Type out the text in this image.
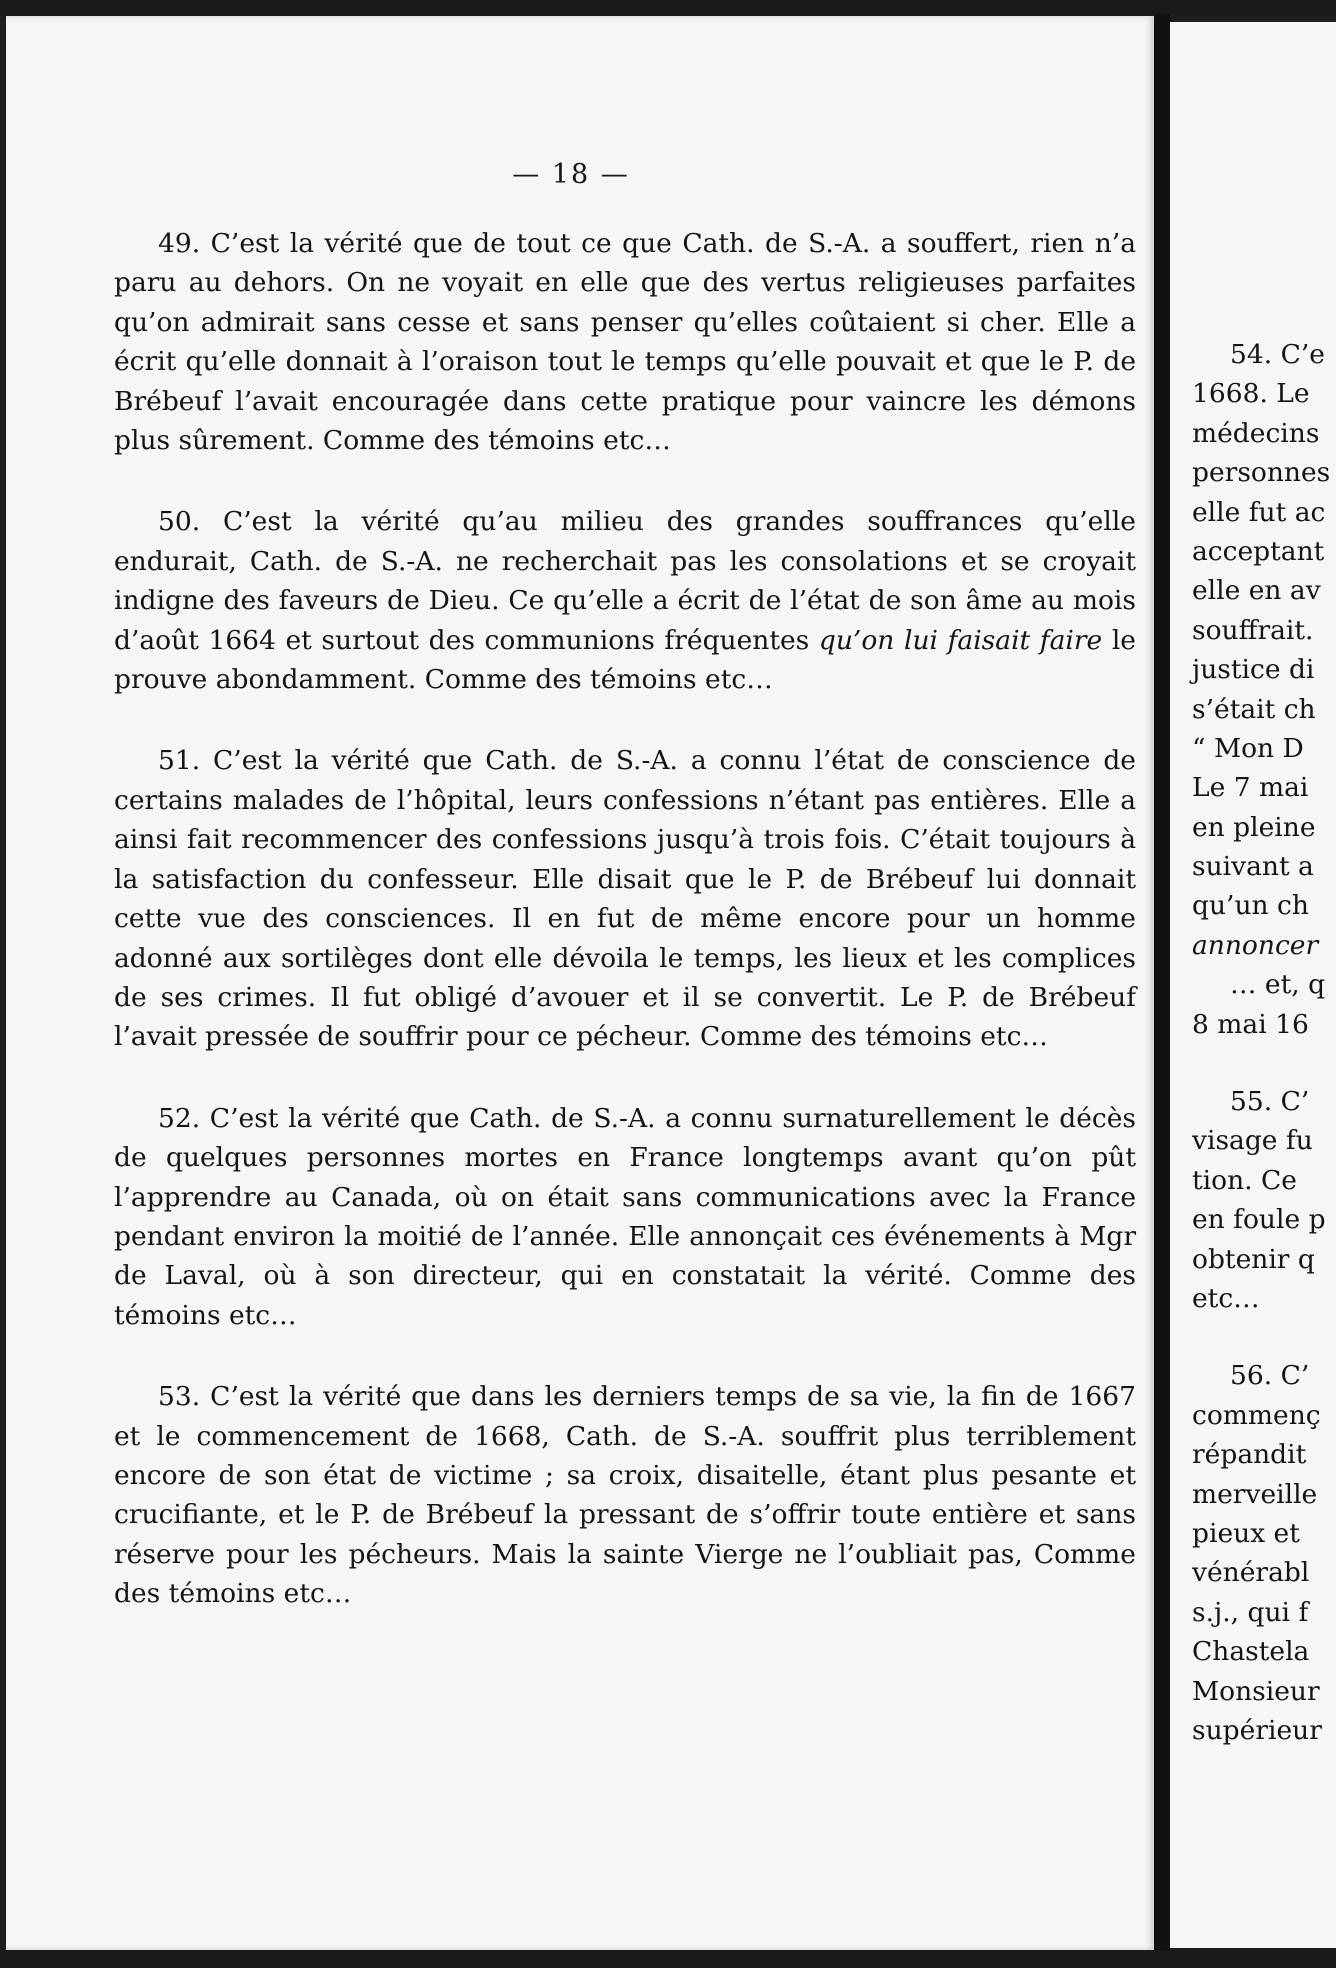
— 18 —

49. C’est la vérité que de tout ce que Cath. de S.-A. a souffert, rien n’a paru au dehors. On ne voyait en elle que des vertus religieuses parfaites qu’on admirait sans cesse et sans penser qu’elles coûtaient si cher. Elle a écrit qu’elle donnait à l’oraison tout le temps qu’elle pouvait et que le P. de Brébeuf l’avait encouragée dans cette pratique pour vaincre les démons plus sûrement. Comme des témoins etc…

50. C’est la vérité qu’au milieu des grandes souffrances qu’elle endurait, Cath. de S.-A. ne recherchait pas les consolations et se croyait indigne des faveurs de Dieu. Ce qu’elle a écrit de l’état de son âme au mois d’août 1664 et surtout des communions fréquentes qu’on lui faisait faire le prouve abondamment. Comme des témoins etc…

51. C’est la vérité que Cath. de S.-A. a connu l’état de conscience de certains malades de l’hôpital, leurs confessions n’étant pas entières. Elle a ainsi fait recommencer des confessions jusqu’à trois fois. C’était toujours à la satisfaction du confesseur. Elle disait que le P. de Brébeuf lui donnait cette vue des consciences. Il en fut de même encore pour un homme adonné aux sortilèges dont elle dévoila le temps, les lieux et les complices de ses crimes. Il fut obligé d’avouer et il se convertit. Le P. de Brébeuf l’avait pressée de souffrir pour ce pécheur. Comme des témoins etc…

52. C’est la vérité que Cath. de S.-A. a connu surnaturellement le décès de quelques personnes mortes en France longtemps avant qu’on pût l’apprendre au Canada, où on était sans communications avec la France pendant environ la moitié de l’année. Elle annonçait ces événements à Mgr de Laval, où à son directeur, qui en constatait la vérité. Comme des témoins etc…

53. C’est la vérité que dans les derniers temps de sa vie, la fin de 1667 et le commencement de 1668, Cath. de S.-A. souffrit plus terriblement encore de son état de victime ; sa croix, disaitelle, étant plus pesante et crucifiante, et le P. de Brébeuf la pressant de s’offrir toute entière et sans réserve pour les pécheurs. Mais la sainte Vierge ne l’oubliait pas, Comme des témoins etc…

54. C’e
1668. Le
médecins
personnes
elle fut ac
acceptant
elle en av
souffrait.
justice di
s’était ch
“ Mon D
Le 7 mai
en pleine
suivant a
qu’un ch
annoncer
… et, q
8 mai 16
55. C’
visage fu
tion. Ce
en foule p
obtenir q
etc…
56. C’
commenç
répandit
merveille
pieux et
vénérabl
s.j., qui f
Chastela
Monsieur
supérieur
